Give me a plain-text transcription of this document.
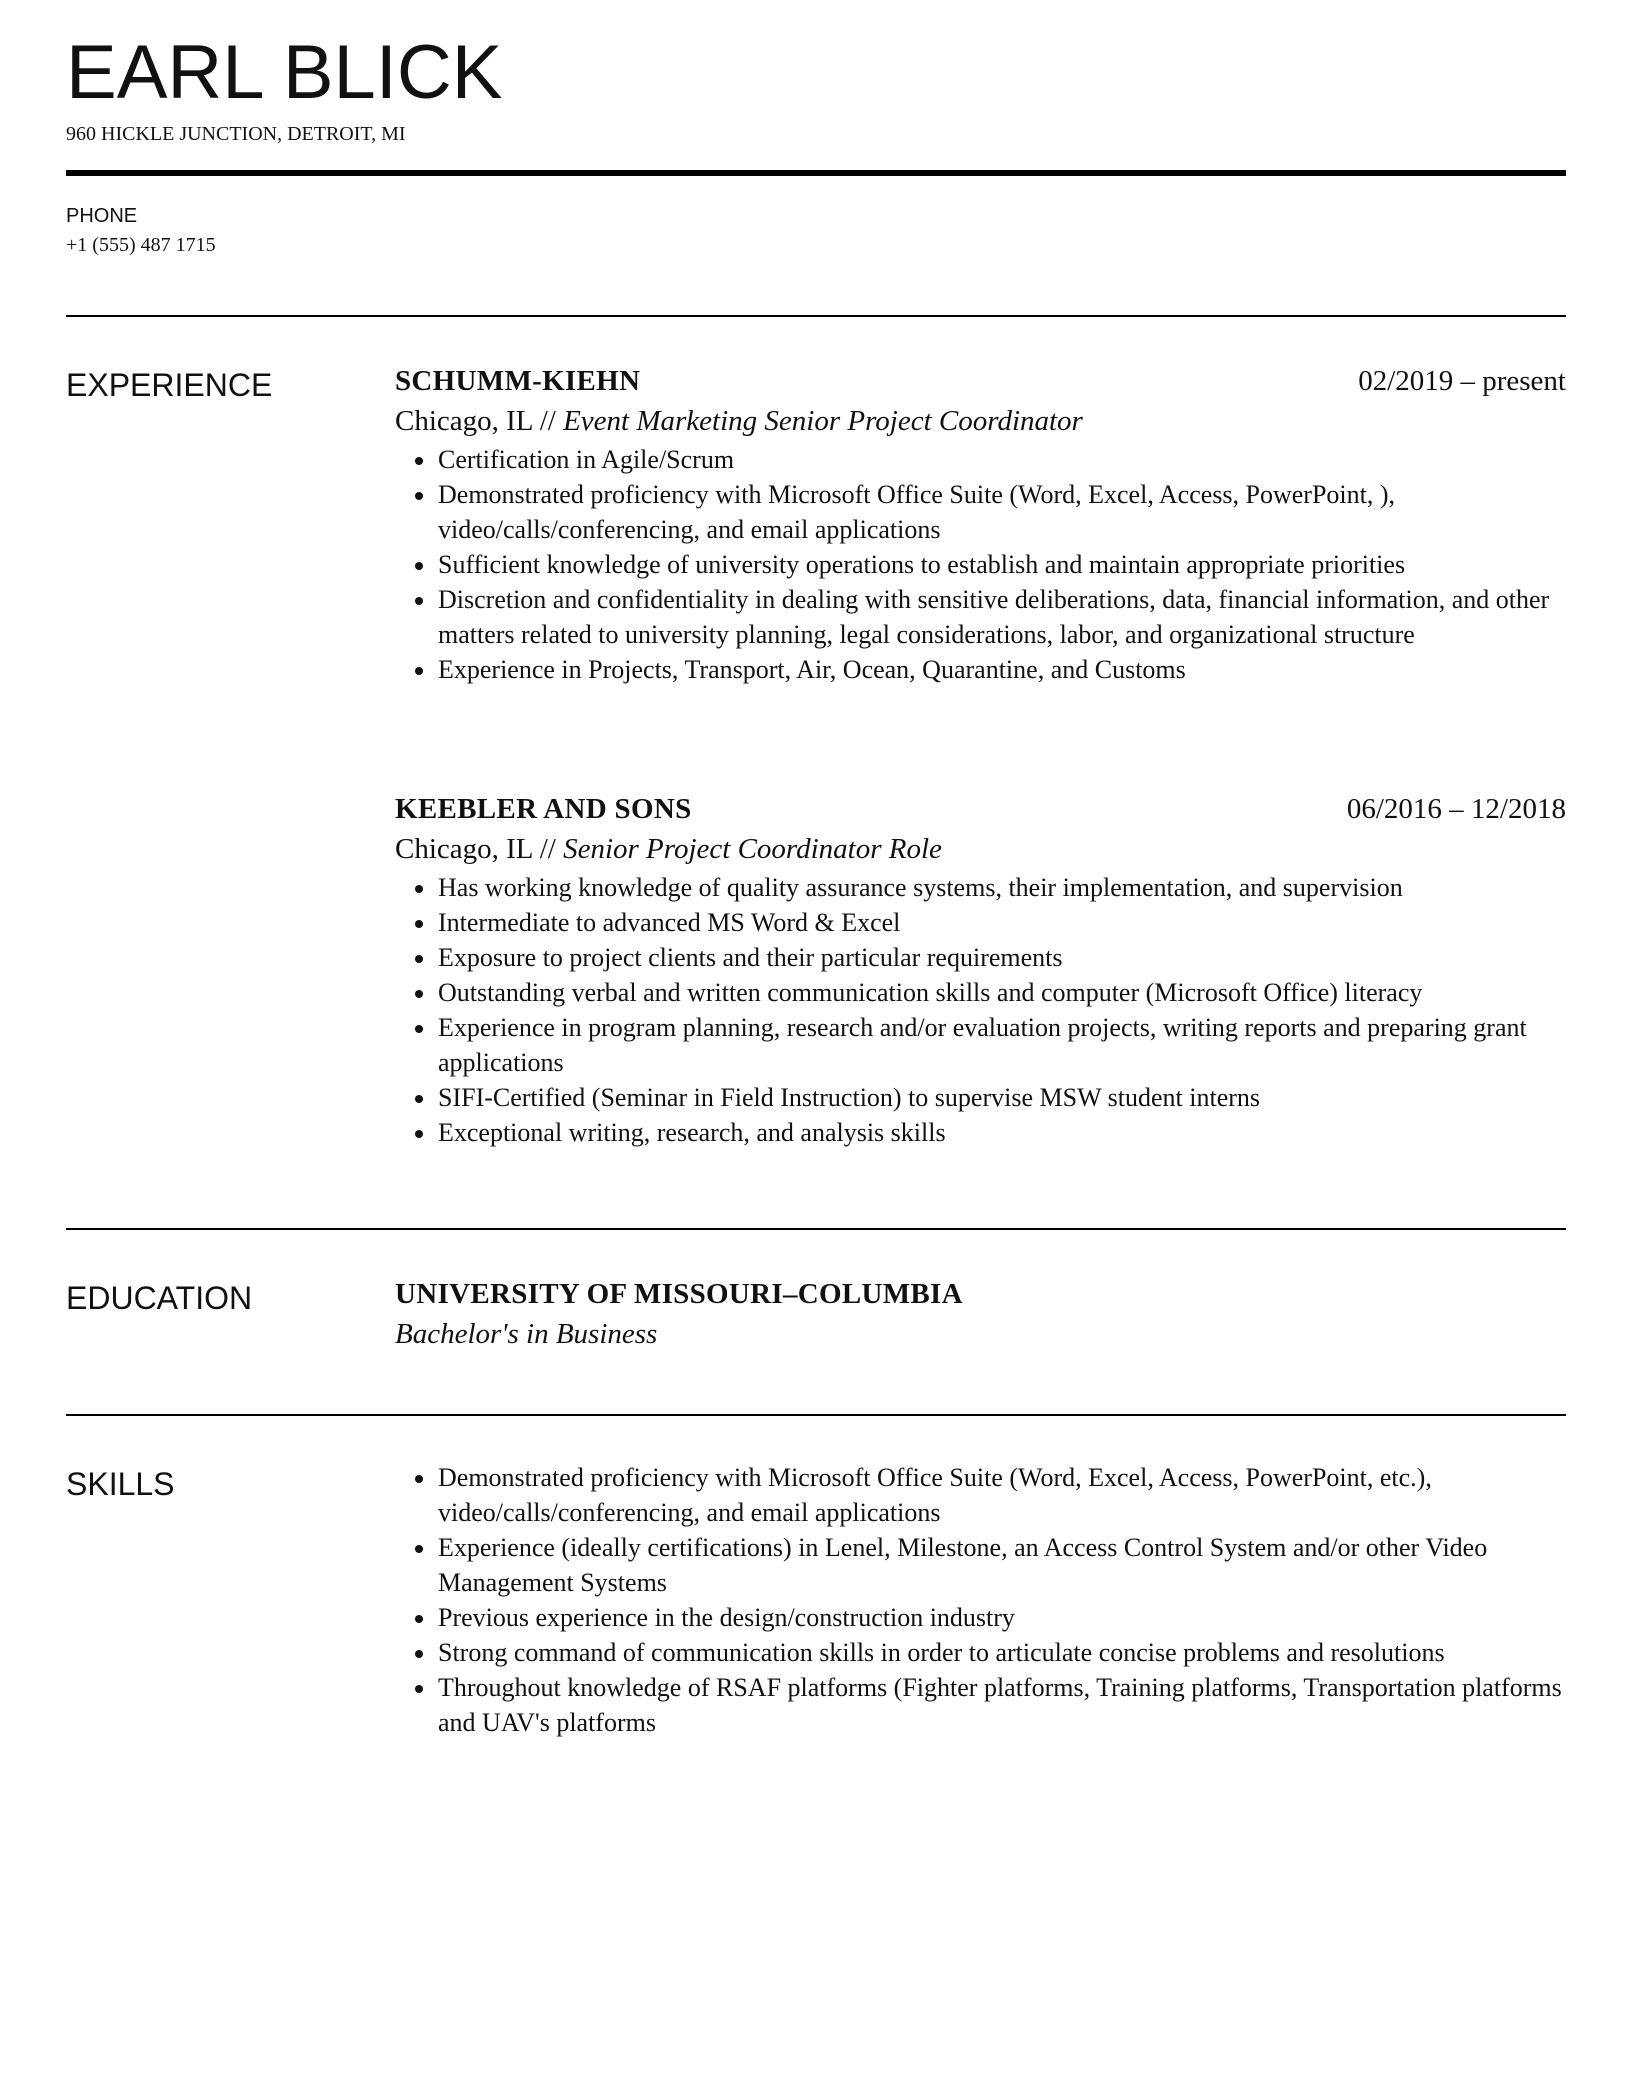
EARL BLICK
960 HICKLE JUNCTION, DETROIT, MI
PHONE
+1 (555) 487 1715
EXPERIENCE	SCHUMM-KIEHN	02/2019 – present
Chicago, IL // Event Marketing Senior Project Coordinator
Certification in Agile/Scrum
Demonstrated proficiency with Microsoft Office Suite (Word, Excel, Access, PowerPoint, ), video/calls/conferencing, and email applications
Sufficient knowledge of university operations to establish and maintain appropriate priorities
Discretion and confidentiality in dealing with sensitive deliberations, data, financial information, and other matters related to university planning, legal considerations, labor, and organizational structure
Experience in Projects, Transport, Air, Ocean, Quarantine, and Customs
KEEBLER AND SONS	06/2016 – 12/2018
Chicago, IL // Senior Project Coordinator Role
Has working knowledge of quality assurance systems, their implementation, and supervision
Intermediate to advanced MS Word & Excel
Exposure to project clients and their particular requirements
Outstanding verbal and written communication skills and computer (Microsoft Office) literacy
Experience in program planning, research and/or evaluation projects, writing reports and preparing grant applications
SIFI-Certified (Seminar in Field Instruction) to supervise MSW student interns
Exceptional writing, research, and analysis skills
EDUCATION	UNIVERSITY OF MISSOURI–COLUMBIA
Bachelor's in Business
SKILLS	Demonstrated proficiency with Microsoft Office Suite (Word, Excel, Access, PowerPoint, etc.), video/calls/conferencing, and email applications
Experience (ideally certifications) in Lenel, Milestone, an Access Control System and/or other Video Management Systems
Previous experience in the design/construction industry
Strong command of communication skills in order to articulate concise problems and resolutions
Throughout knowledge of RSAF platforms (Fighter platforms, Training platforms, Transportation platforms and UAV's platforms
